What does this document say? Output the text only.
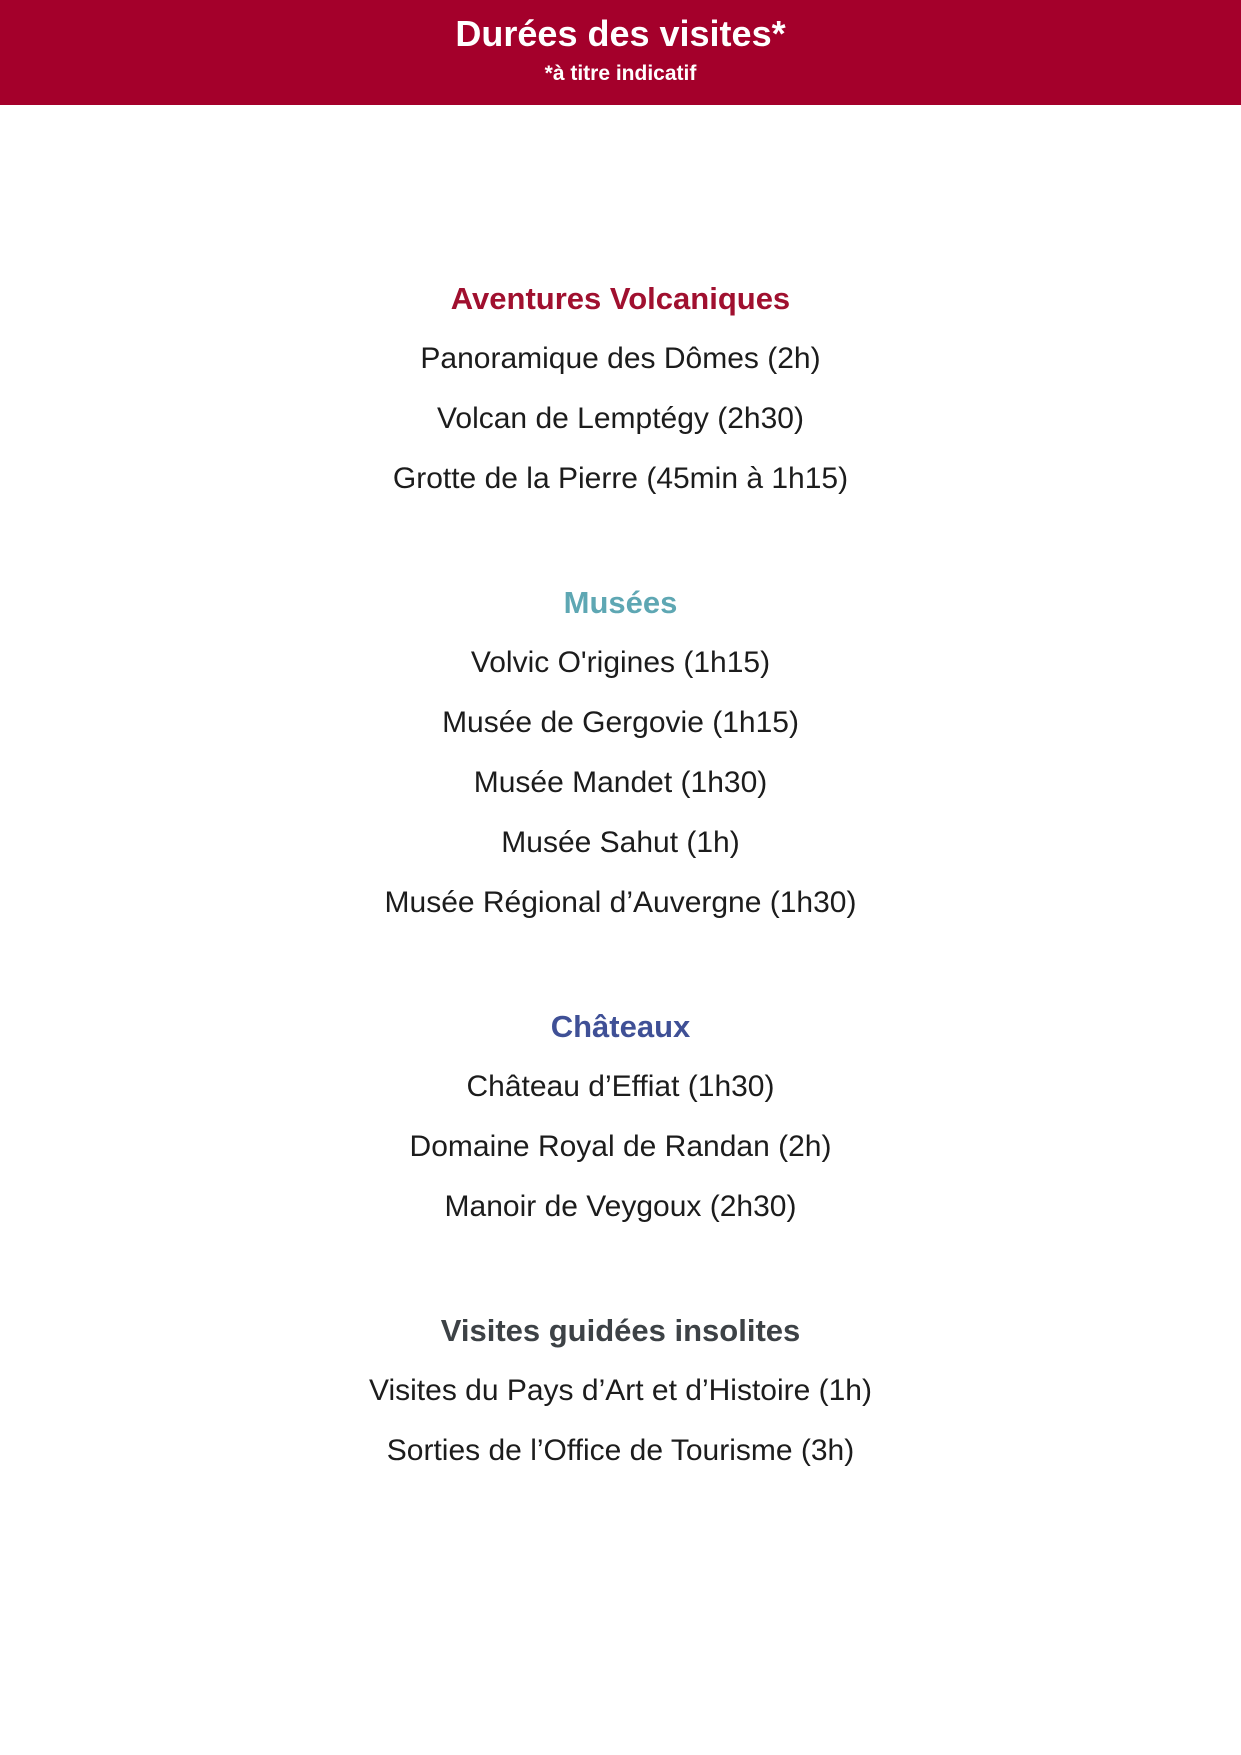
Durées des visites*
*à titre indicatif
Aventures Volcaniques
Panoramique des Dômes (2h)
Volcan de Lemptégy (2h30)
Grotte de la Pierre (45min à 1h15)
Musées
Volvic O'rigines (1h15)
Musée de Gergovie (1h15)
Musée Mandet (1h30)
Musée Sahut (1h)
Musée Régional d’Auvergne (1h30)
Châteaux
Château d’Effiat (1h30)
Domaine Royal de Randan (2h)
Manoir de Veygoux (2h30)
Visites guidées insolites
Visites du Pays d’Art et d’Histoire (1h)
Sorties de l’Office de Tourisme (3h)
